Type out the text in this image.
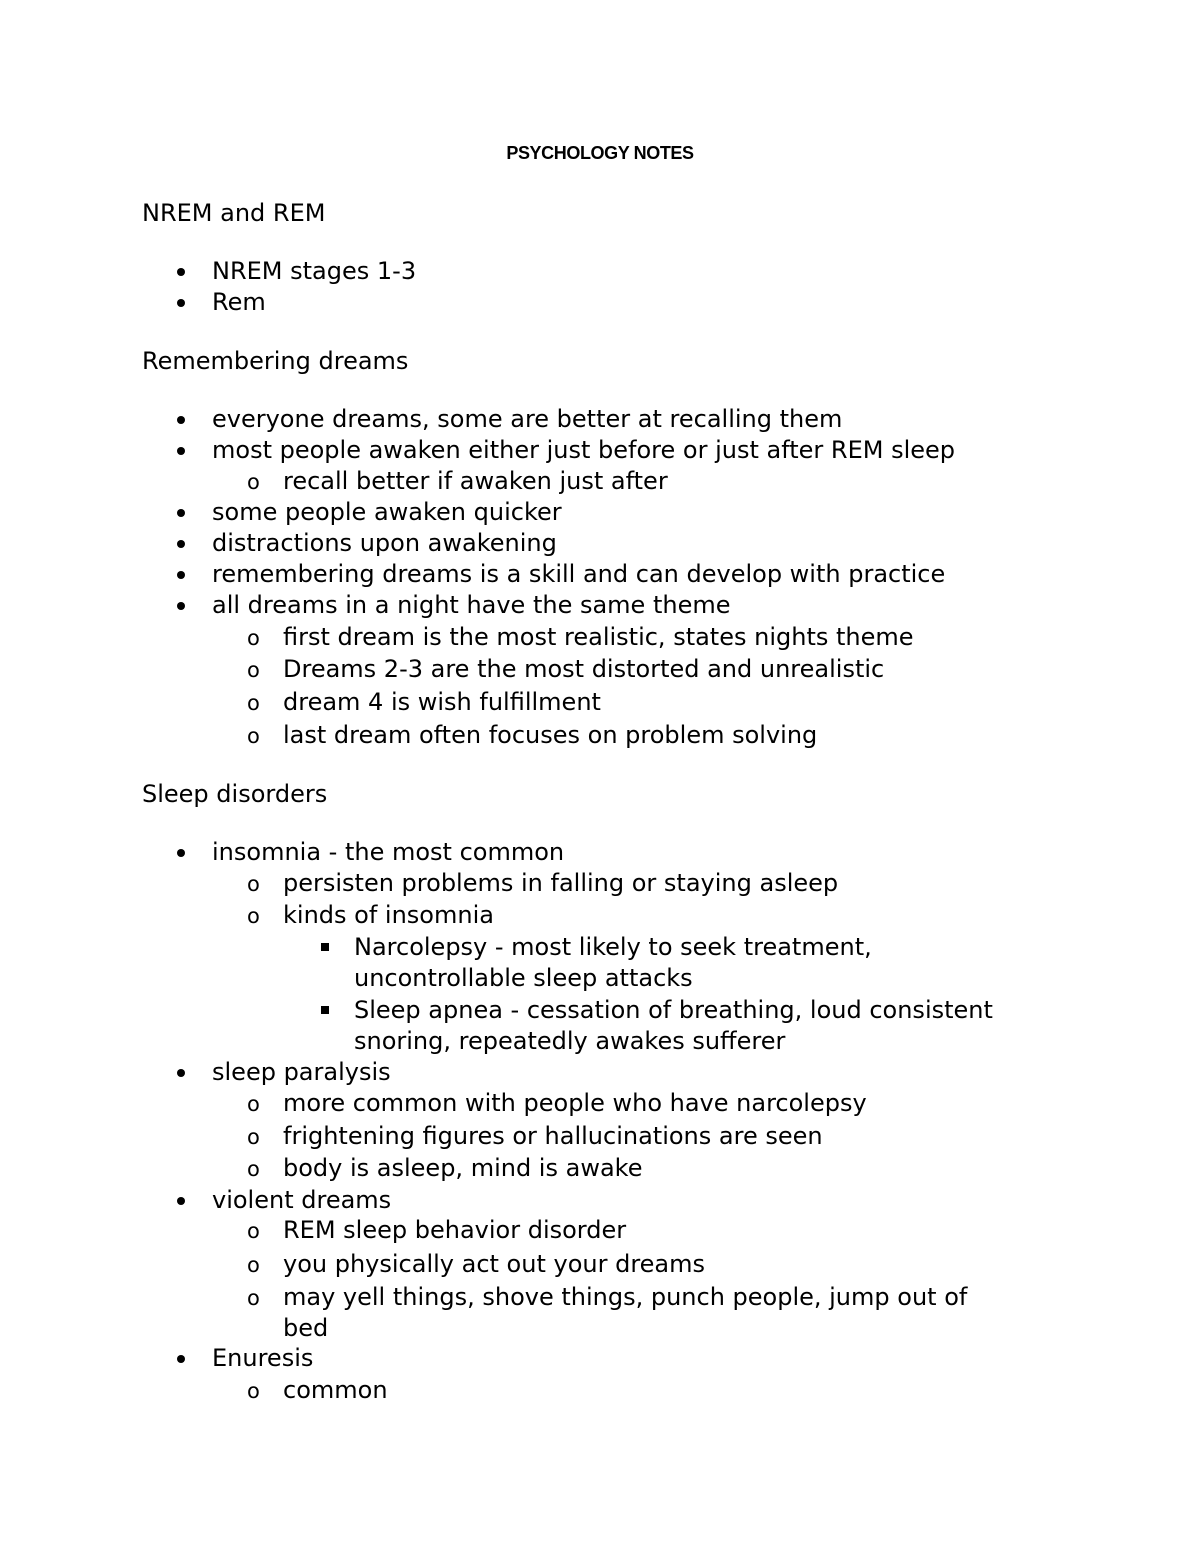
PSYCHOLOGY NOTES
NREM and REM
NREM stages 1-3
Rem
Remembering dreams
everyone dreams, some are better at recalling them
most people awaken either just before or just after REM sleep
o recall better if awaken just after
some people awaken quicker
distractions upon awakening
remembering dreams is a skill and can develop with practice
all dreams in a night have the same theme
o first dream is the most realistic, states nights theme
o Dreams 2-3 are the most distorted and unrealistic
o dream 4 is wish fulfillment
o last dream often focuses on problem solving
Sleep disorders
insomnia - the most common
o persisten problems in falling or staying asleep
o kinds of insomnia
Narcolepsy - most likely to seek treatment,
uncontrollable sleep attacks
Sleep apnea - cessation of breathing, loud consistent
snoring, repeatedly awakes sufferer
sleep paralysis
o more common with people who have narcolepsy
o frightening figures or hallucinations are seen
o body is asleep, mind is awake
violent dreams
o REM sleep behavior disorder
o you physically act out your dreams
o may yell things, shove things, punch people, jump out of
bed
Enuresis
o common
